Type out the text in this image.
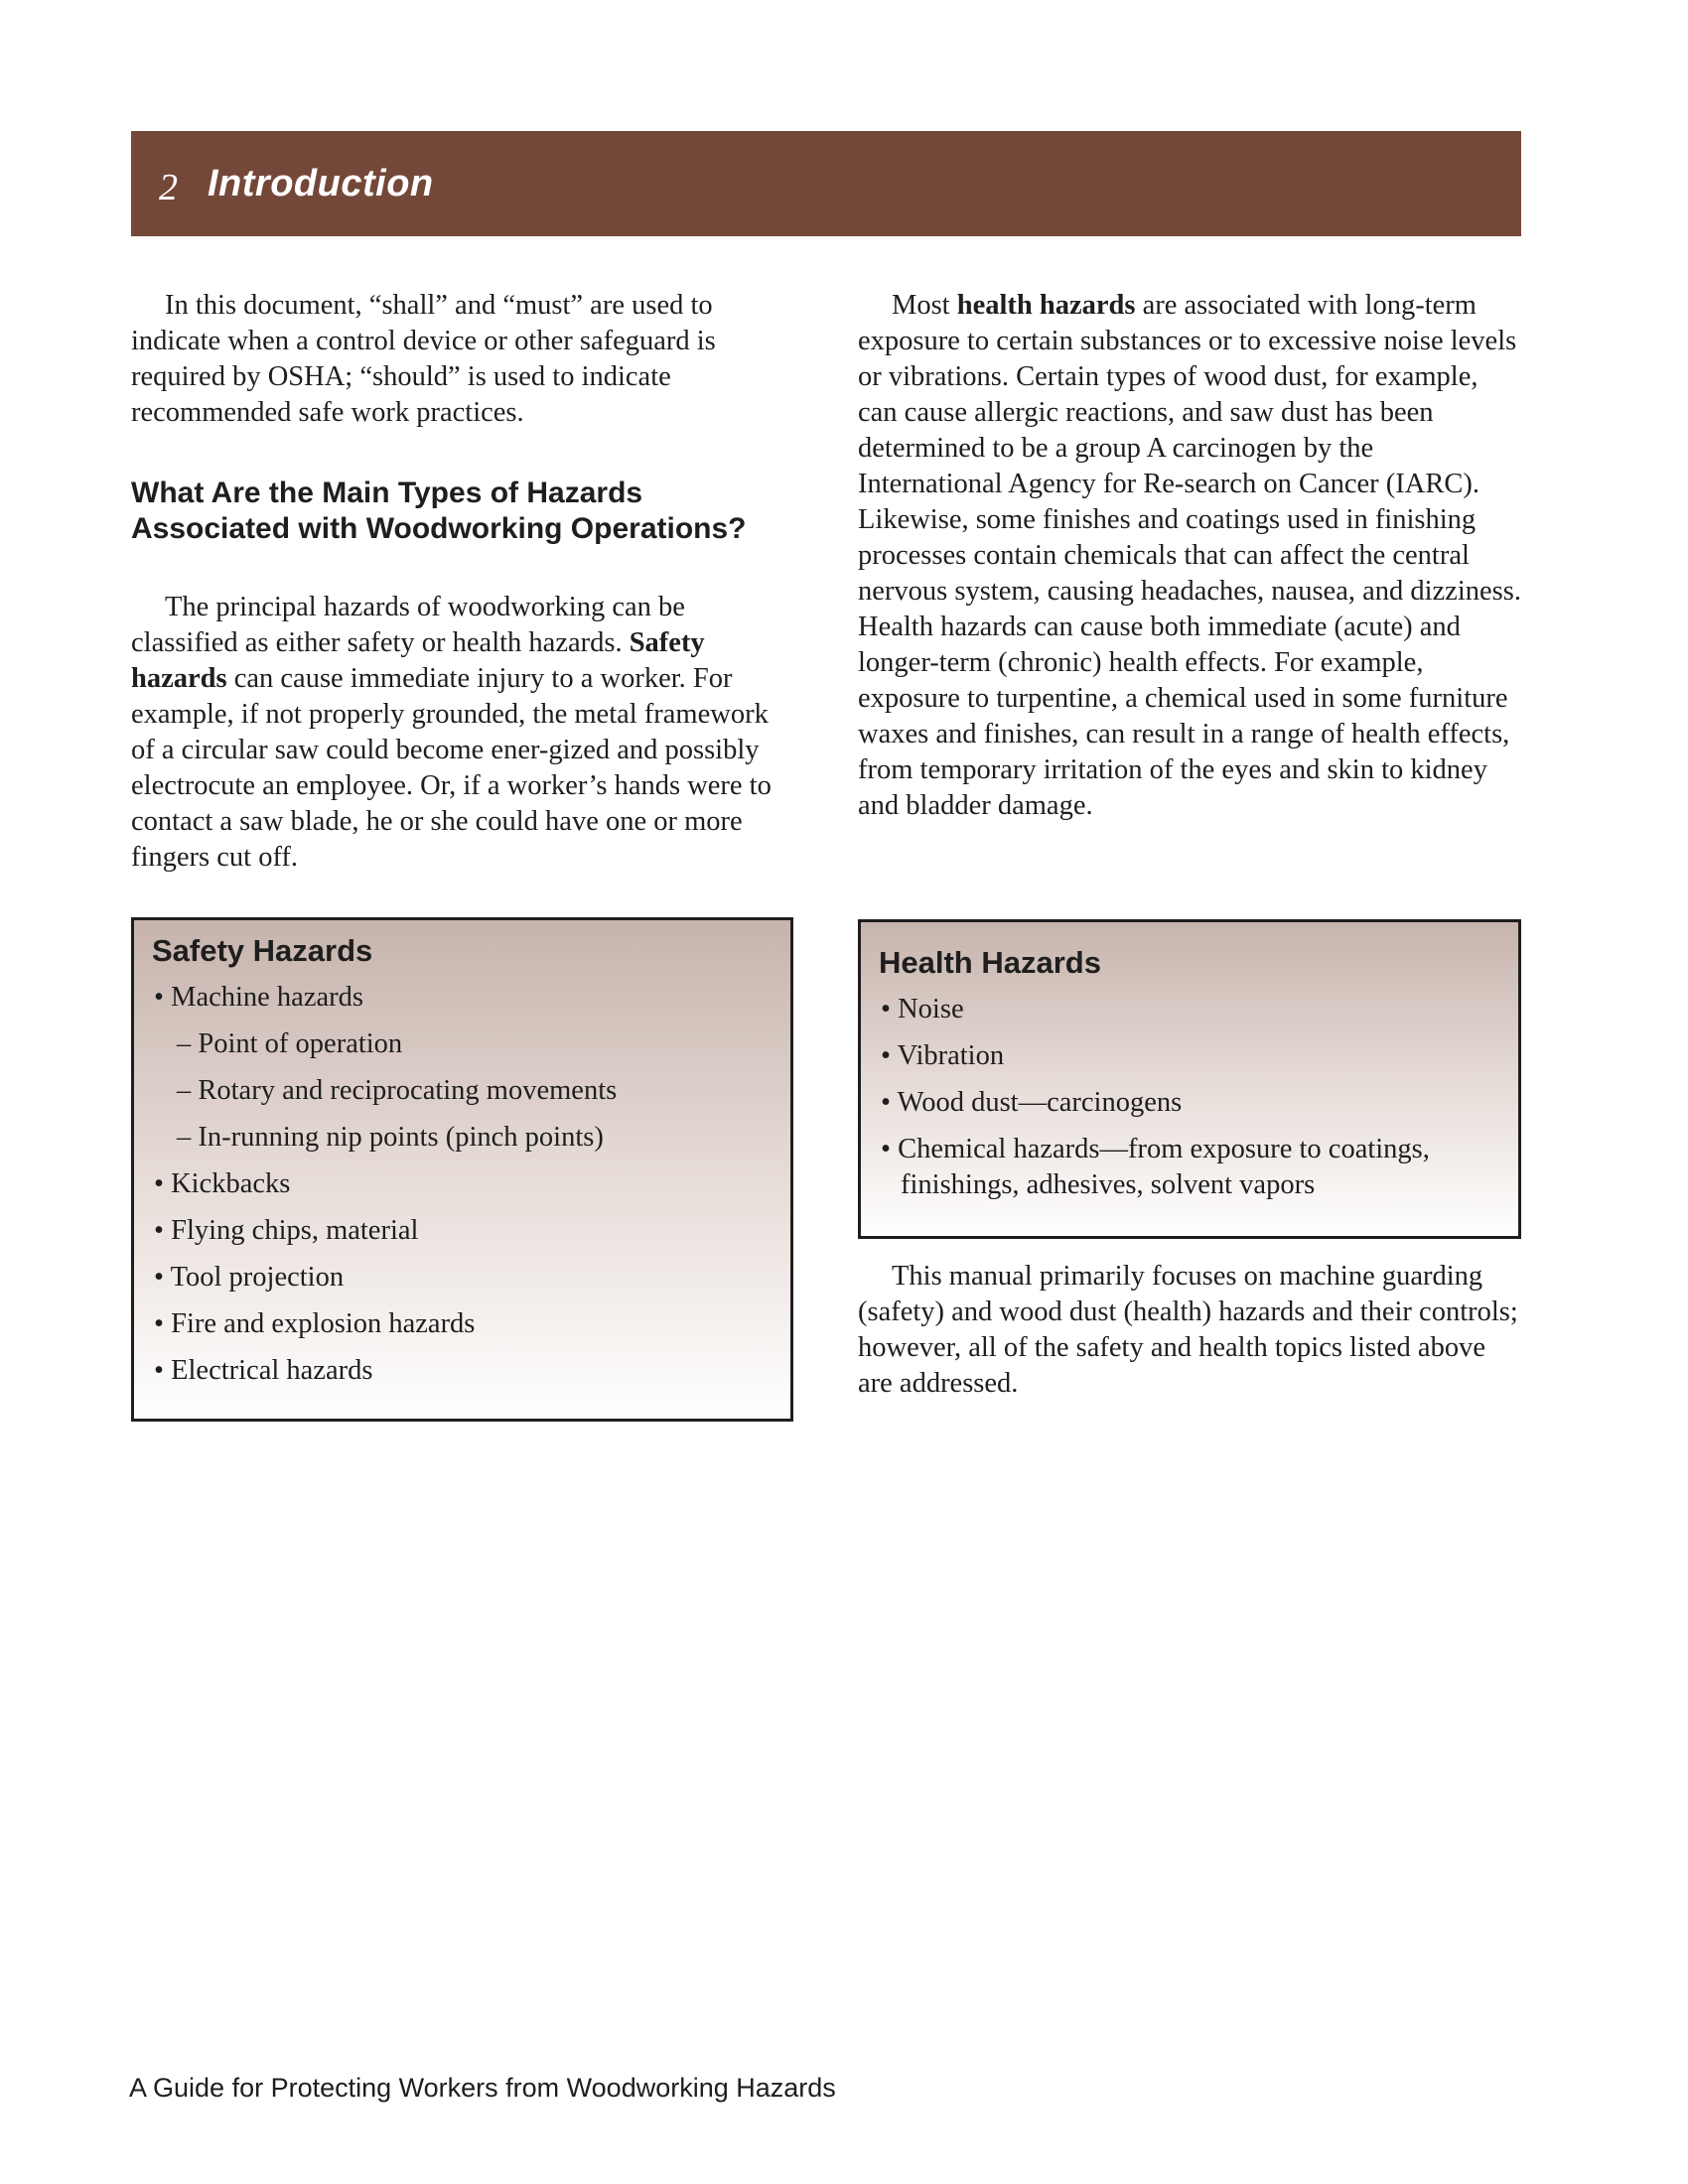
2 Introduction

In this document, “shall” and “must” are used to indicate when a control device or other safeguard is required by OSHA; “should” is used to indicate recommended safe work practices.

What Are the Main Types of Hazards Associated with Woodworking Operations?

The principal hazards of woodworking can be classified as either safety or health hazards. Safety hazards can cause immediate injury to a worker. For example, if not properly grounded, the metal framework of a circular saw could become ener-gized and possibly electrocute an employee. Or, if a worker’s hands were to contact a saw blade, he or she could have one or more fingers cut off.

Safety Hazards
• Machine hazards
– Point of operation
– Rotary and reciprocating movements
– In-running nip points (pinch points)
• Kickbacks
• Flying chips, material
• Tool projection
• Fire and explosion hazards
• Electrical hazards

Most health hazards are associated with long-term exposure to certain substances or to excessive noise levels or vibrations. Certain types of wood dust, for example, can cause allergic reactions, and saw dust has been determined to be a group A carcinogen by the International Agency for Re-search on Cancer (IARC). Likewise, some finishes and coatings used in finishing processes contain chemicals that can affect the central nervous system, causing headaches, nausea, and dizziness. Health hazards can cause both immediate (acute) and longer-term (chronic) health effects. For example, exposure to turpentine, a chemical used in some furniture waxes and finishes, can result in a range of health effects, from temporary irritation of the eyes and skin to kidney and bladder damage.

Health Hazards
• Noise
• Vibration
• Wood dust—carcinogens
• Chemical hazards—from exposure to coatings, finishings, adhesives, solvent vapors

This manual primarily focuses on machine guarding (safety) and wood dust (health) hazards and their controls; however, all of the safety and health topics listed above are addressed.

A Guide for Protecting Workers from Woodworking Hazards
